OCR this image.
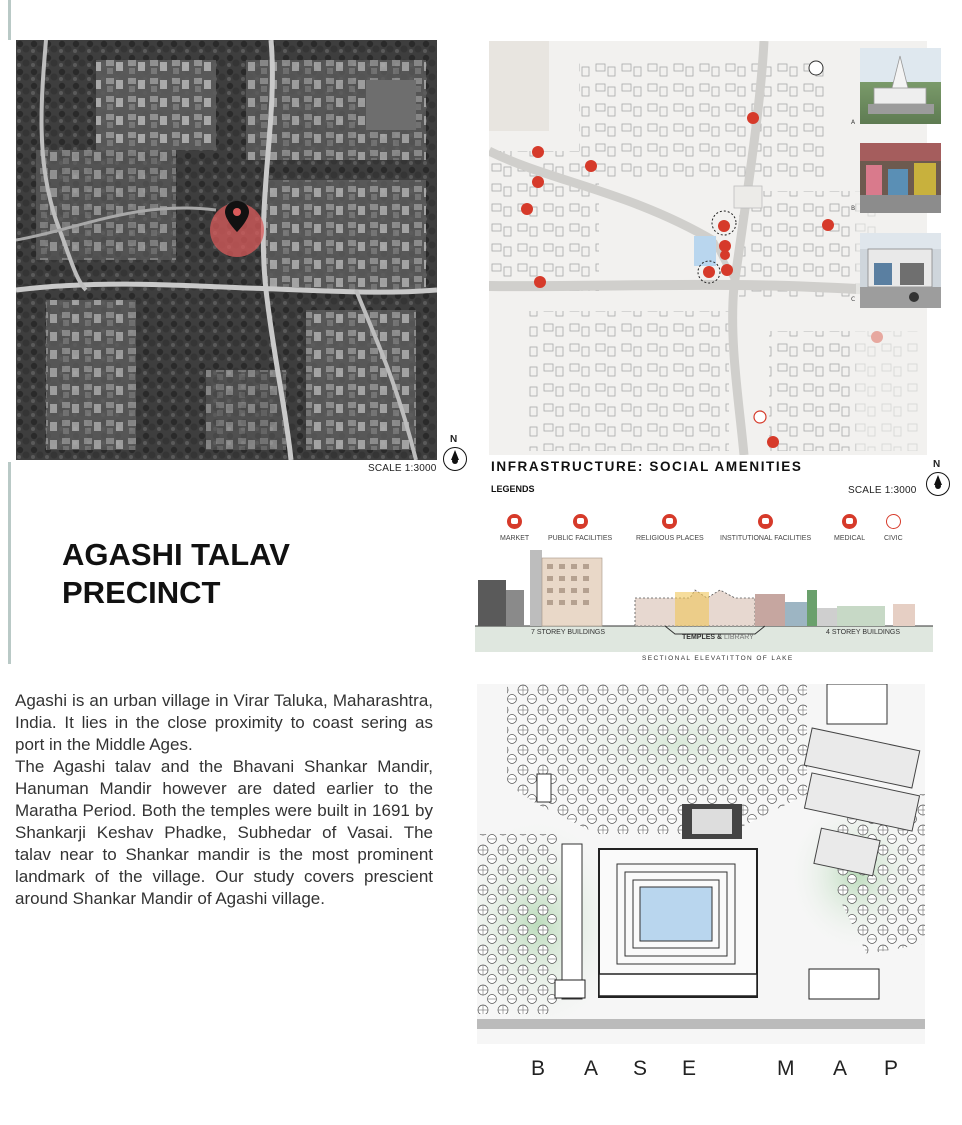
N
SCALE 1:3000
A
B
C
INFRASTRUCTURE: SOCIAL AMENITIES
LEGENDS	SCALE 1:3000
N
MARKET	PUBLIC FACILITIES	RELIGIOUS PLACES INSTITUTIONAL FACILITIES	MEDICAL	CIVIC
7 STOREY BUILDINGS
TEMPLES & LIBRARY
4 STOREY BUILDINGS
SECTIONAL ELEVATITTON OF LAKE
AGASHI TALAV
PRECINCT
Agashi is an urban village in Virar Taluka, Maharashtra, India. It lies in the close proximity to coast sering as port in the Middle Ages.
The Agashi talav and the Bhavani Shankar Mandir, Hanuman Mandir however are dated earlier to the Maratha Period. Both the temples were built in 1691 by Shankarji Keshav Phadke, Subhedar of Vasai. The talav near to Shankar mandir is the most prominent landmark of the village. Our study covers prescient around Shankar Mandir of Agashi village.
B A S E	M A P
